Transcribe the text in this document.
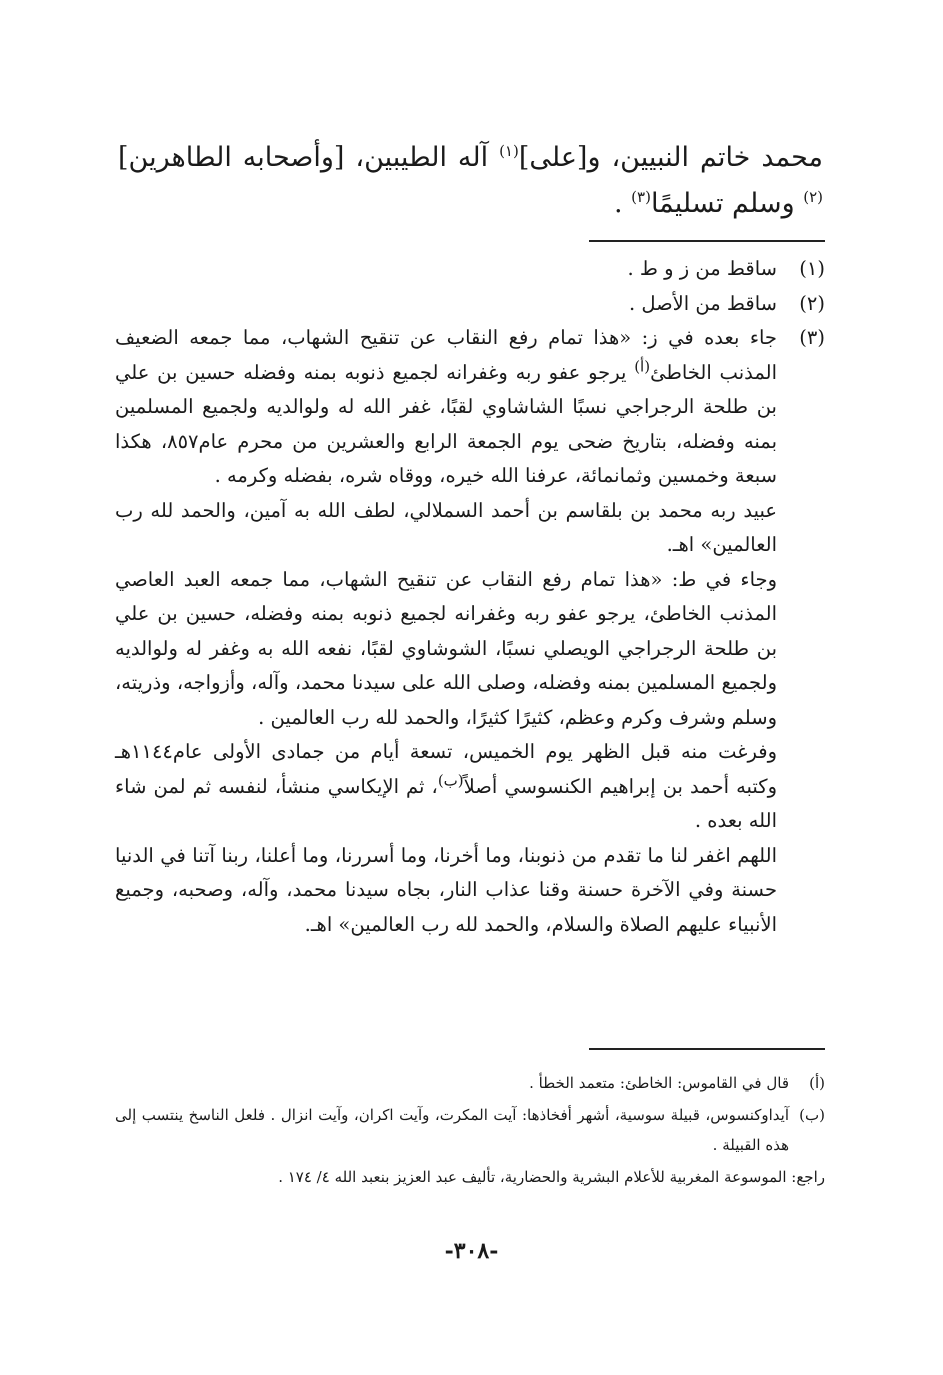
محمد خاتم النبيين، و[على]$^{(١)}$ آله الطيبين، [وأصحابه الطاهرين]$^{(٢)}$ وسلم تسليمًا$^{(٣)}$ .

(١)

ساقط من ز و ط .

(٢)

ساقط من الأصل .

(٣)

جاء بعده في ز: «هذا تمام رفع النقاب عن تنقيح الشهاب، مما جمعه الضعيف المذنب الخاطئ$^{(أ)}$ يرجو عفو ربه وغفرانه لجميع ذنوبه بمنه وفضله حسين بن علي بن طلحة الرجراجي نسبًا الشاشاوي لقبًا، غفر الله له ولوالديه ولجميع المسلمين بمنه وفضله، بتاريخ ضحى يوم الجمعة الرابع والعشرين من محرم عام٨٥٧، هكذا سبعة وخمسين وثمانمائة، عرفنا الله خيره، ووقاه شره، بفضله وكرمه .

عبيد ربه محمد بن بلقاسم بن أحمد السملالي، لطف الله به آمين، والحمد لله رب العالمين» اهـ.

وجاء في ط: «هذا تمام رفع النقاب عن تنقيح الشهاب، مما جمعه العبد العاصي المذنب الخاطئ، يرجو عفو ربه وغفرانه لجميع ذنوبه بمنه وفضله، حسين بن علي بن طلحة الرجراجي الويصلي نسبًا، الشوشاوي لقبًا، نفعه الله به وغفر له ولوالديه ولجميع المسلمين بمنه وفضله، وصلى الله على سيدنا محمد، وآله، وأزواجه، وذريته، وسلم وشرف وكرم وعظم، كثيرًا كثيرًا، والحمد لله رب العالمين .

وفرغت منه قبل الظهر يوم الخميس، تسعة أيام من جمادى الأولى عام١١٤٤هـ وكتبه أحمد بن إبراهيم الكنسوسي أصلاً$^{(ب)}$، ثم الإيكاسي منشأ، لنفسه ثم لمن شاء الله بعده .

اللهم اغفر لنا ما تقدم من ذنوبنا، وما أخرنا، وما أسررنا، وما أعلنا، ربنا آتنا في الدنيا حسنة وفي الآخرة حسنة وقنا عذاب النار، بجاه سيدنا محمد، وآله، وصحبه، وجميع الأنبياء عليهم الصلاة والسلام، والحمد لله رب العالمين» اهـ.

(أ)
قال في القاموس: الخاطئ: متعمد الخطأ .
(ب)
آيداوكنسوس، قبيلة سوسية، أشهر أفخاذها: آيت المكرت، وآيت اكران، وآيت انزال . فلعل الناسخ ينتسب إلى هذه القبيلة .
راجع: الموسوعة المغربية للأعلام البشرية والحضارية، تأليف عبد العزيز بنعبد الله ٤/ ١٧٤ .
-٣٠٨-
